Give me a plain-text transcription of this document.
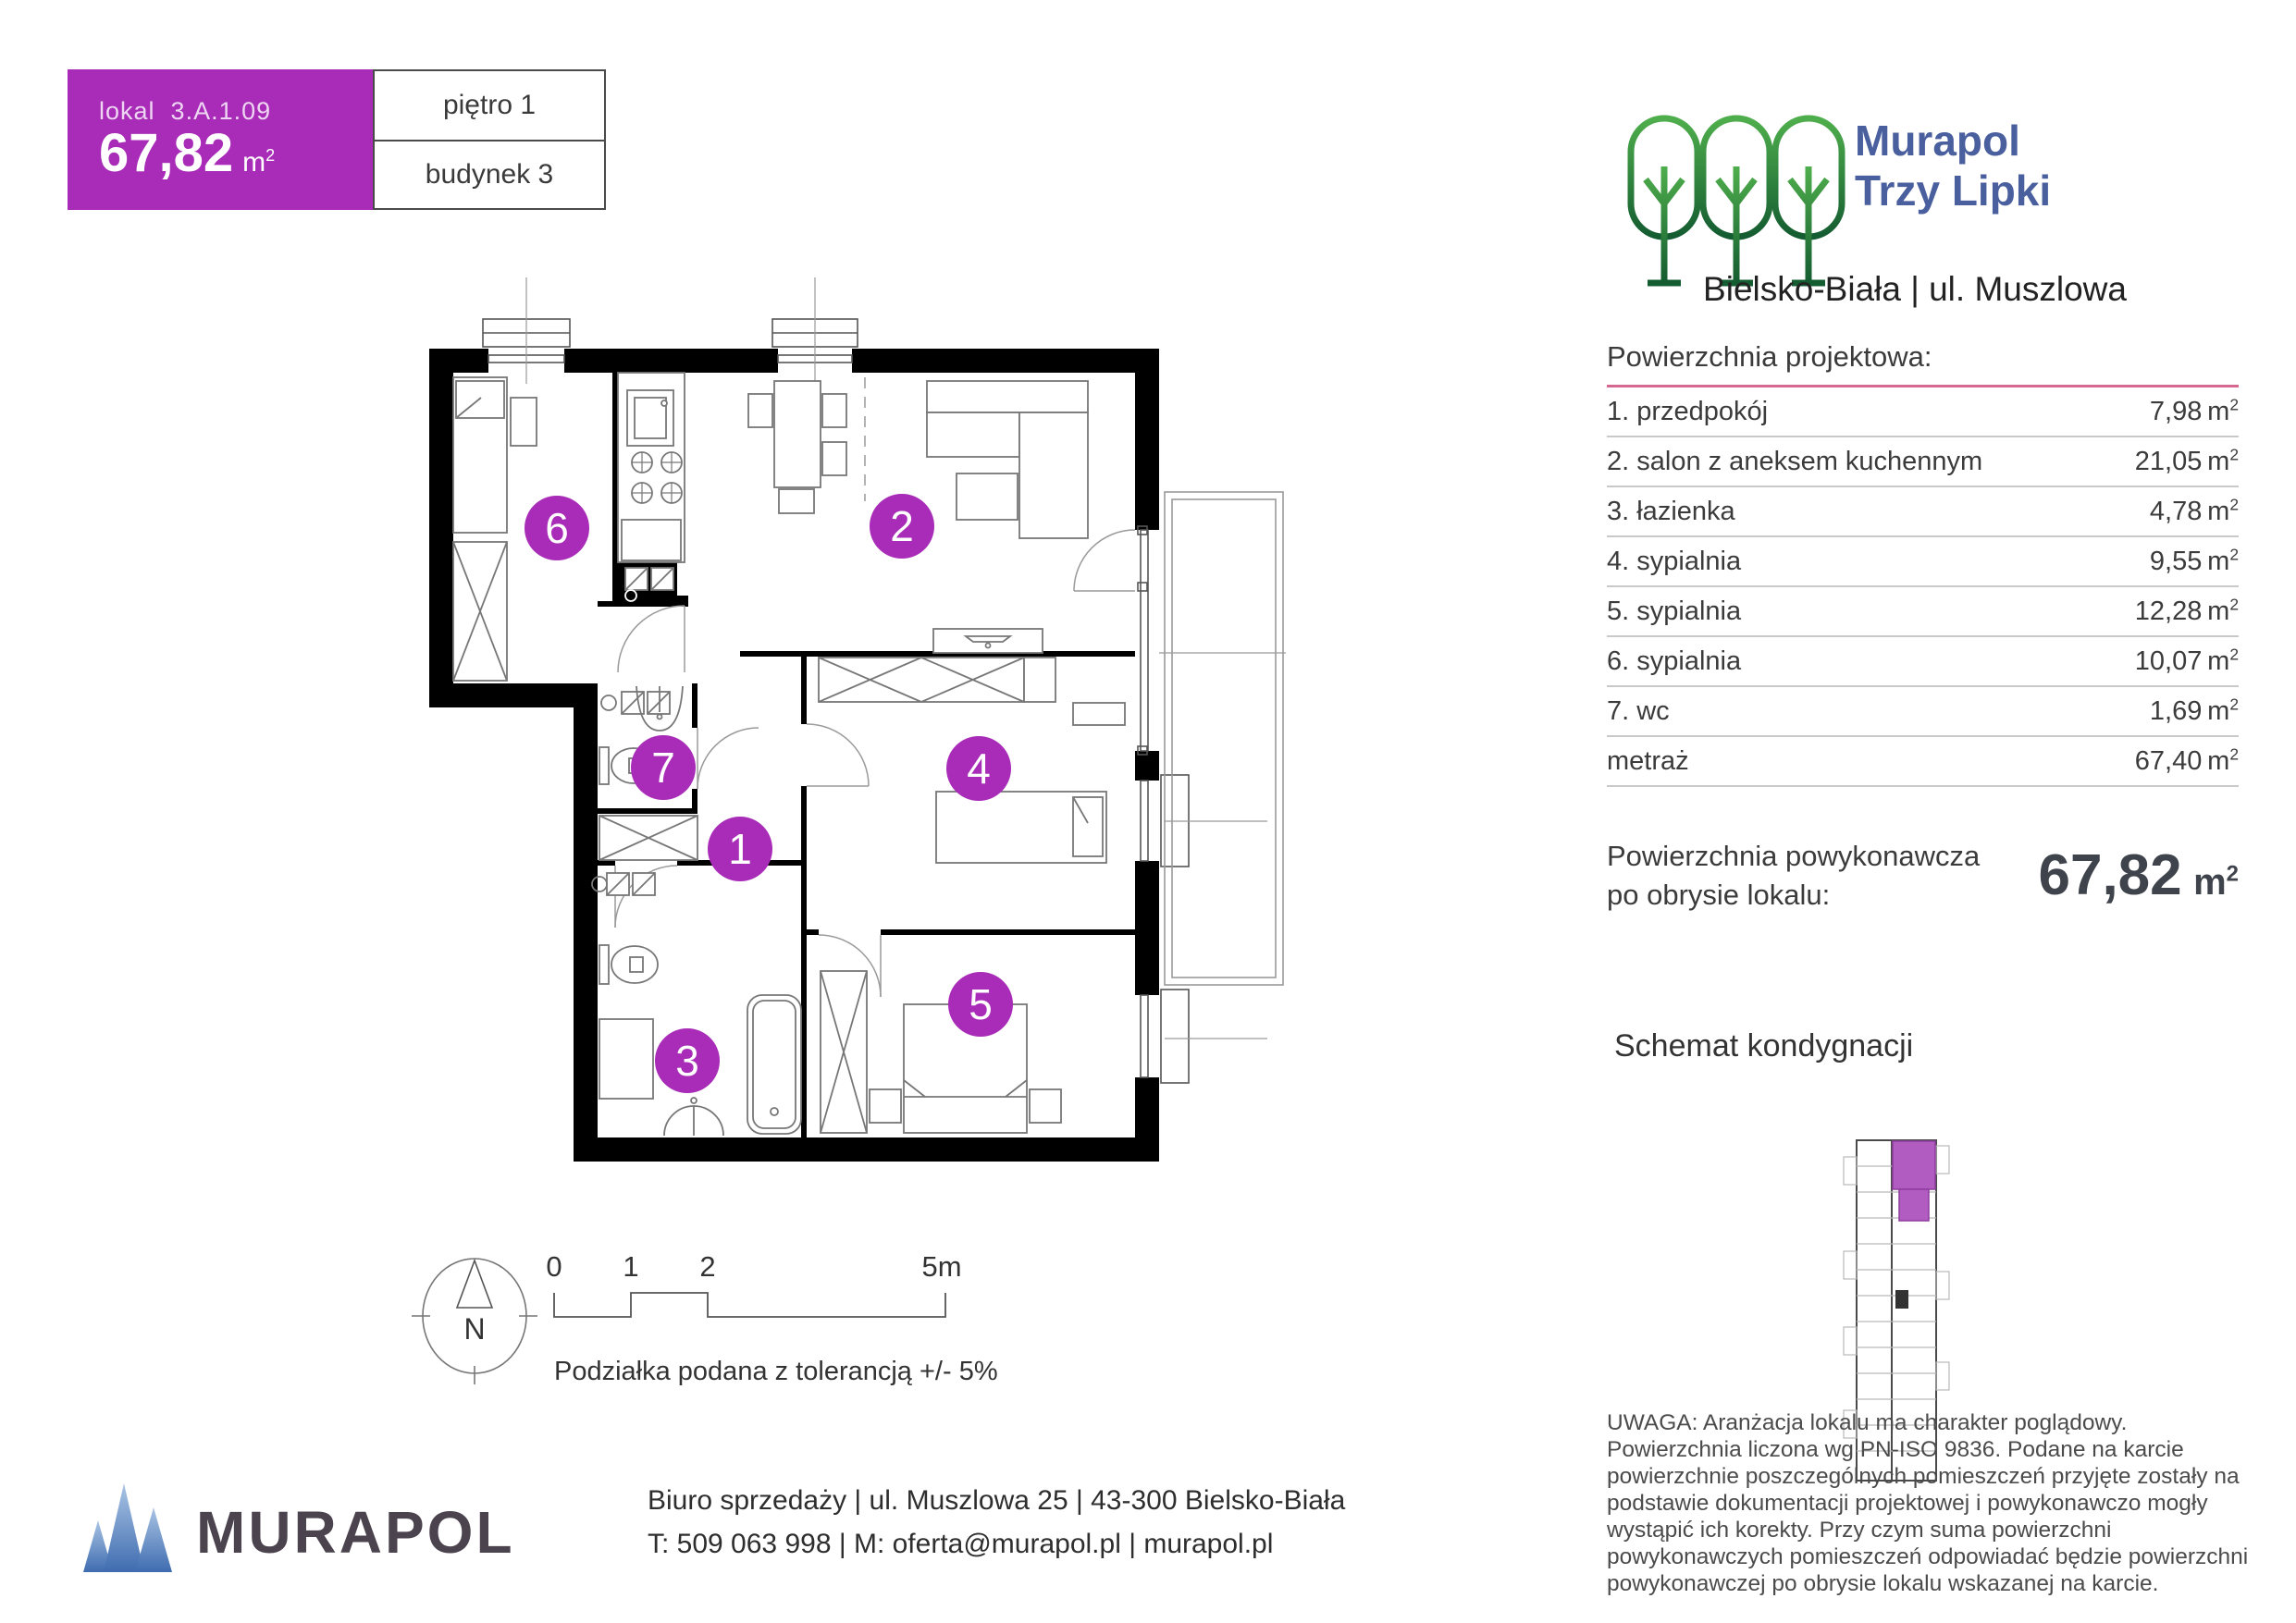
lokal 3.A.1.09
67,82 $m^2$
piętro 1
budynek 3
Murapol
Trzy Lipki
Bielsko-Biała | ul. Muszlowa
Powierzchnia projektowa:
1. przedpokój	7,98  $m^2$
2. salon z aneksem kuchennym	21,05  $m^2$
3. łazienka	4,78  $m^2$
4. sypialnia	9,55  $m^2$
5. sypialnia	12,28  $m^2$
6. sypialnia	10,07  $m^2$
7. wc	1,69  $m^2$
metraż	67,40  $m^2$
Powierzchnia powykonawcza
po obrysie lokalu:	67,82  $m^2$
Schemat kondygnacji
UWAGA: Aranżacja lokalu ma charakter poglądowy. Powierzchnia liczona wg PN-ISO 9836. Podane na karcie powierzchnie poszczególnych pomieszczeń przyjęte zostały na podstawie dokumentacji projektowej i powykonawczo mogły wystąpić ich korekty. Przy czym suma powierzchni powykonawczych pomieszczeń odpowiadać będzie powierzchni powykonawczej po obrysie lokalu wskazanej na karcie.
MURAPOL	Biuro sprzedaży | ul. Muszlowa 25 | 43-300 Bielsko-Biała
T: 509 063 998 | M: oferta@murapol.pl | murapol.pl
1
2
3
4
5
6
7
N
0 1 2	5m
Podziałka podana z tolerancją +/- 5%
